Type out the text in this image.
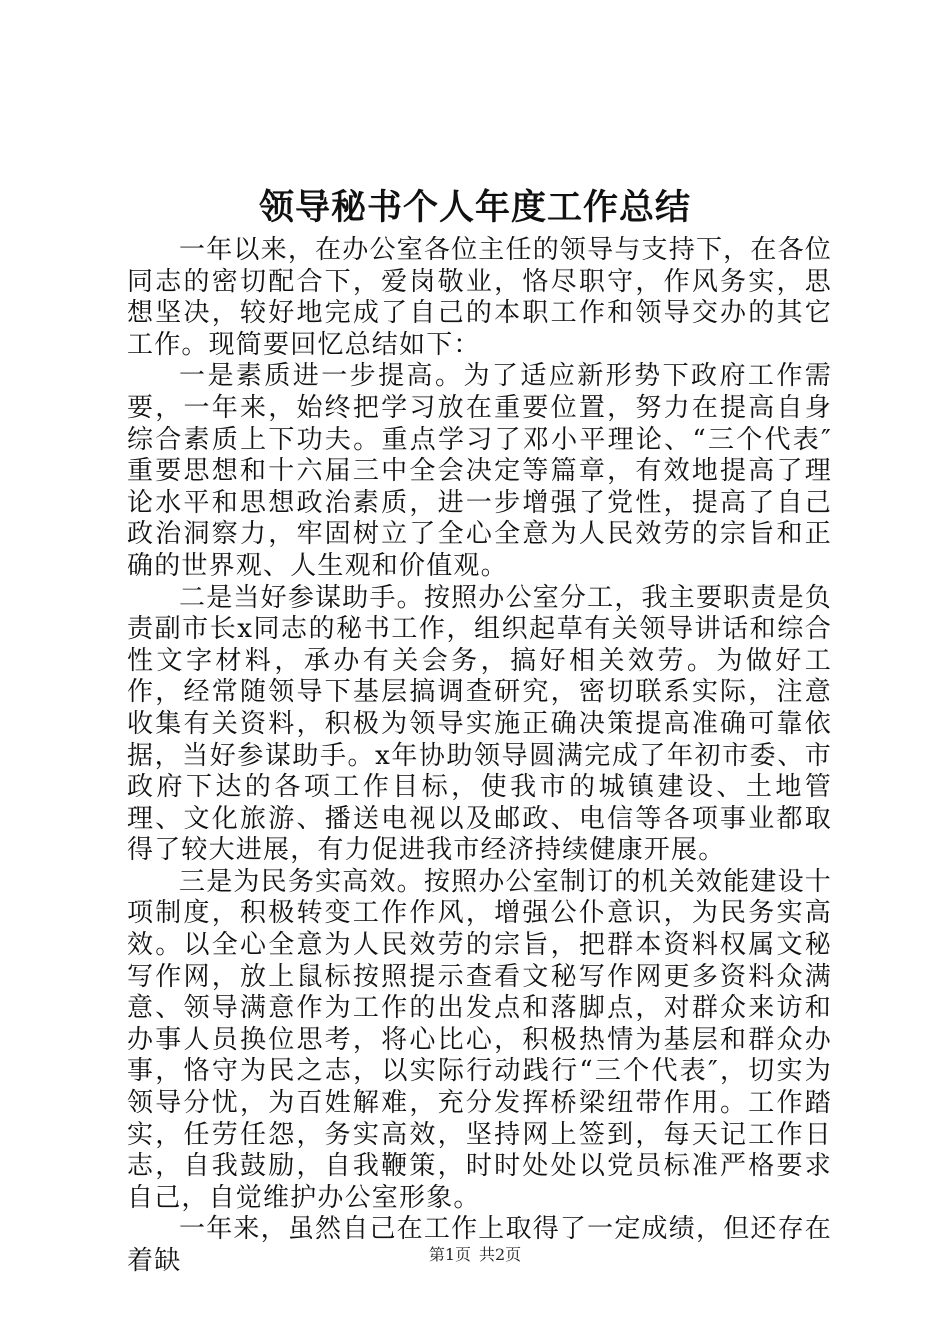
领导秘书个人年度工作总结

一年以来，在办公室各位主任的领导与支持下，在各位同志的密切配合下，爱岗敬业，恪尽职守，作风务实，思想坚决，较好地完成了自己的本职工作和领导交办的其它工作。现简要回忆总结如下：

一是素质进一步提高。为了适应新形势下政府工作需要，一年来，始终把学习放在重要位置，努力在提高自身综合素质上下功夫。重点学习了邓小平理论、“三个代表″重要思想和十六届三中全会决定等篇章，有效地提高了理论水平和思想政治素质，进一步增强了党性，提高了自己政治洞察力，牢固树立了全心全意为人民效劳的宗旨和正确的世界观、人生观和价值观。

二是当好参谋助手。按照办公室分工，我主要职责是负责副市长x同志的秘书工作，组织起草有关领导讲话和综合性文字材料，承办有关会务，搞好相关效劳。为做好工作，经常随领导下基层搞调查研究，密切联系实际，注意收集有关资料，积极为领导实施正确决策提高准确可靠依据，当好参谋助手。x年协助领导圆满完成了年初市委、市政府下达的各项工作目标，使我市的城镇建设、土地管理、文化旅游、播送电视以及邮政、电信等各项事业都取得了较大进展，有力促进我市经济持续健康开展。

三是为民务实高效。按照办公室制订的机关效能建设十项制度，积极转变工作作风，增强公仆意识，为民务实高效。以全心全意为人民效劳的宗旨，把群本资料权属文秘写作网，放上鼠标按照提示查看文秘写作网更多资料众满意、领导满意作为工作的出发点和落脚点，对群众来访和办事人员换位思考，将心比心，积极热情为基层和群众办事，恪守为民之志，以实际行动践行“三个代表″，切实为领导分忧，为百姓解难，充分发挥桥梁纽带作用。工作踏实，任劳任怨，务实高效，坚持网上签到，每天记工作日志，自我鼓励，自我鞭策，时时处处以党员标准严格要求自己，自觉维护办公室形象。

一年来，虽然自己在工作上取得了一定成绩，但还存在着缺	第1页 共2页
